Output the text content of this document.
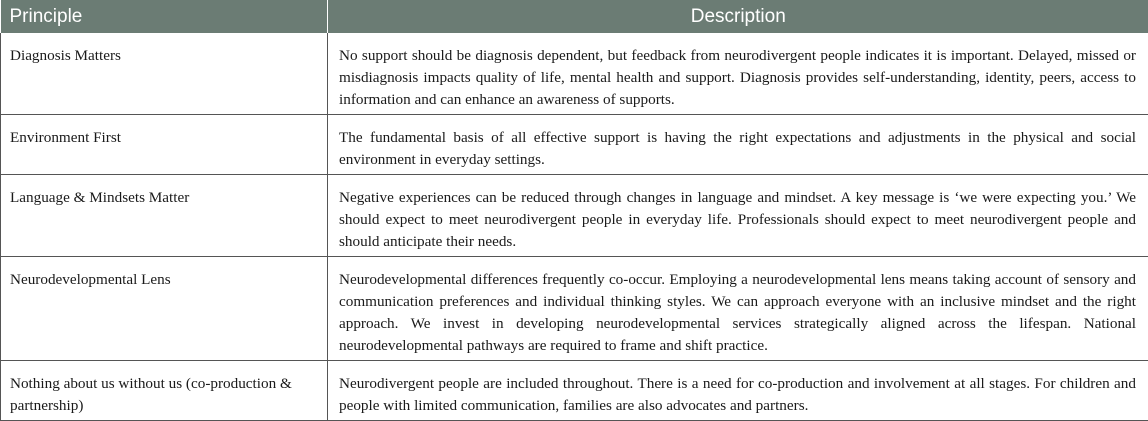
Principle	Description
Diagnosis Matters	No support should be diagnosis dependent, but feedback from neurodivergent people indicates it is important. Delayed, missed or misdiagnosis impacts quality of life, mental health and support. Diagnosis provides self-understanding, identity, peers, access to information and can enhance an awareness of supports.
Environment First	The fundamental basis of all effective support is having the right expectations and adjustments in the physical and social environment in everyday settings.
Language & Mindsets Matter	Negative experiences can be reduced through changes in language and mindset. A key message is ‘we were expecting you.’ We should expect to meet neurodivergent people in everyday life. Professionals should expect to meet neurodivergent people and should anticipate their needs.
Neurodevelopmental Lens	Neurodevelopmental differences frequently co-occur. Employing a neurodevelopmental lens means taking account of sensory and communication preferences and individual thinking styles. We can approach everyone with an inclusive mindset and the right approach. We invest in developing neurodevelopmental services strategically aligned across the lifespan. National neurodevelopmental pathways are required to frame and shift practice.
Nothing about us without us (co-production & partnership)	Neurodivergent people are included throughout. There is a need for co-production and involvement at all stages. For children and people with limited communication, families are also advocates and partners.
